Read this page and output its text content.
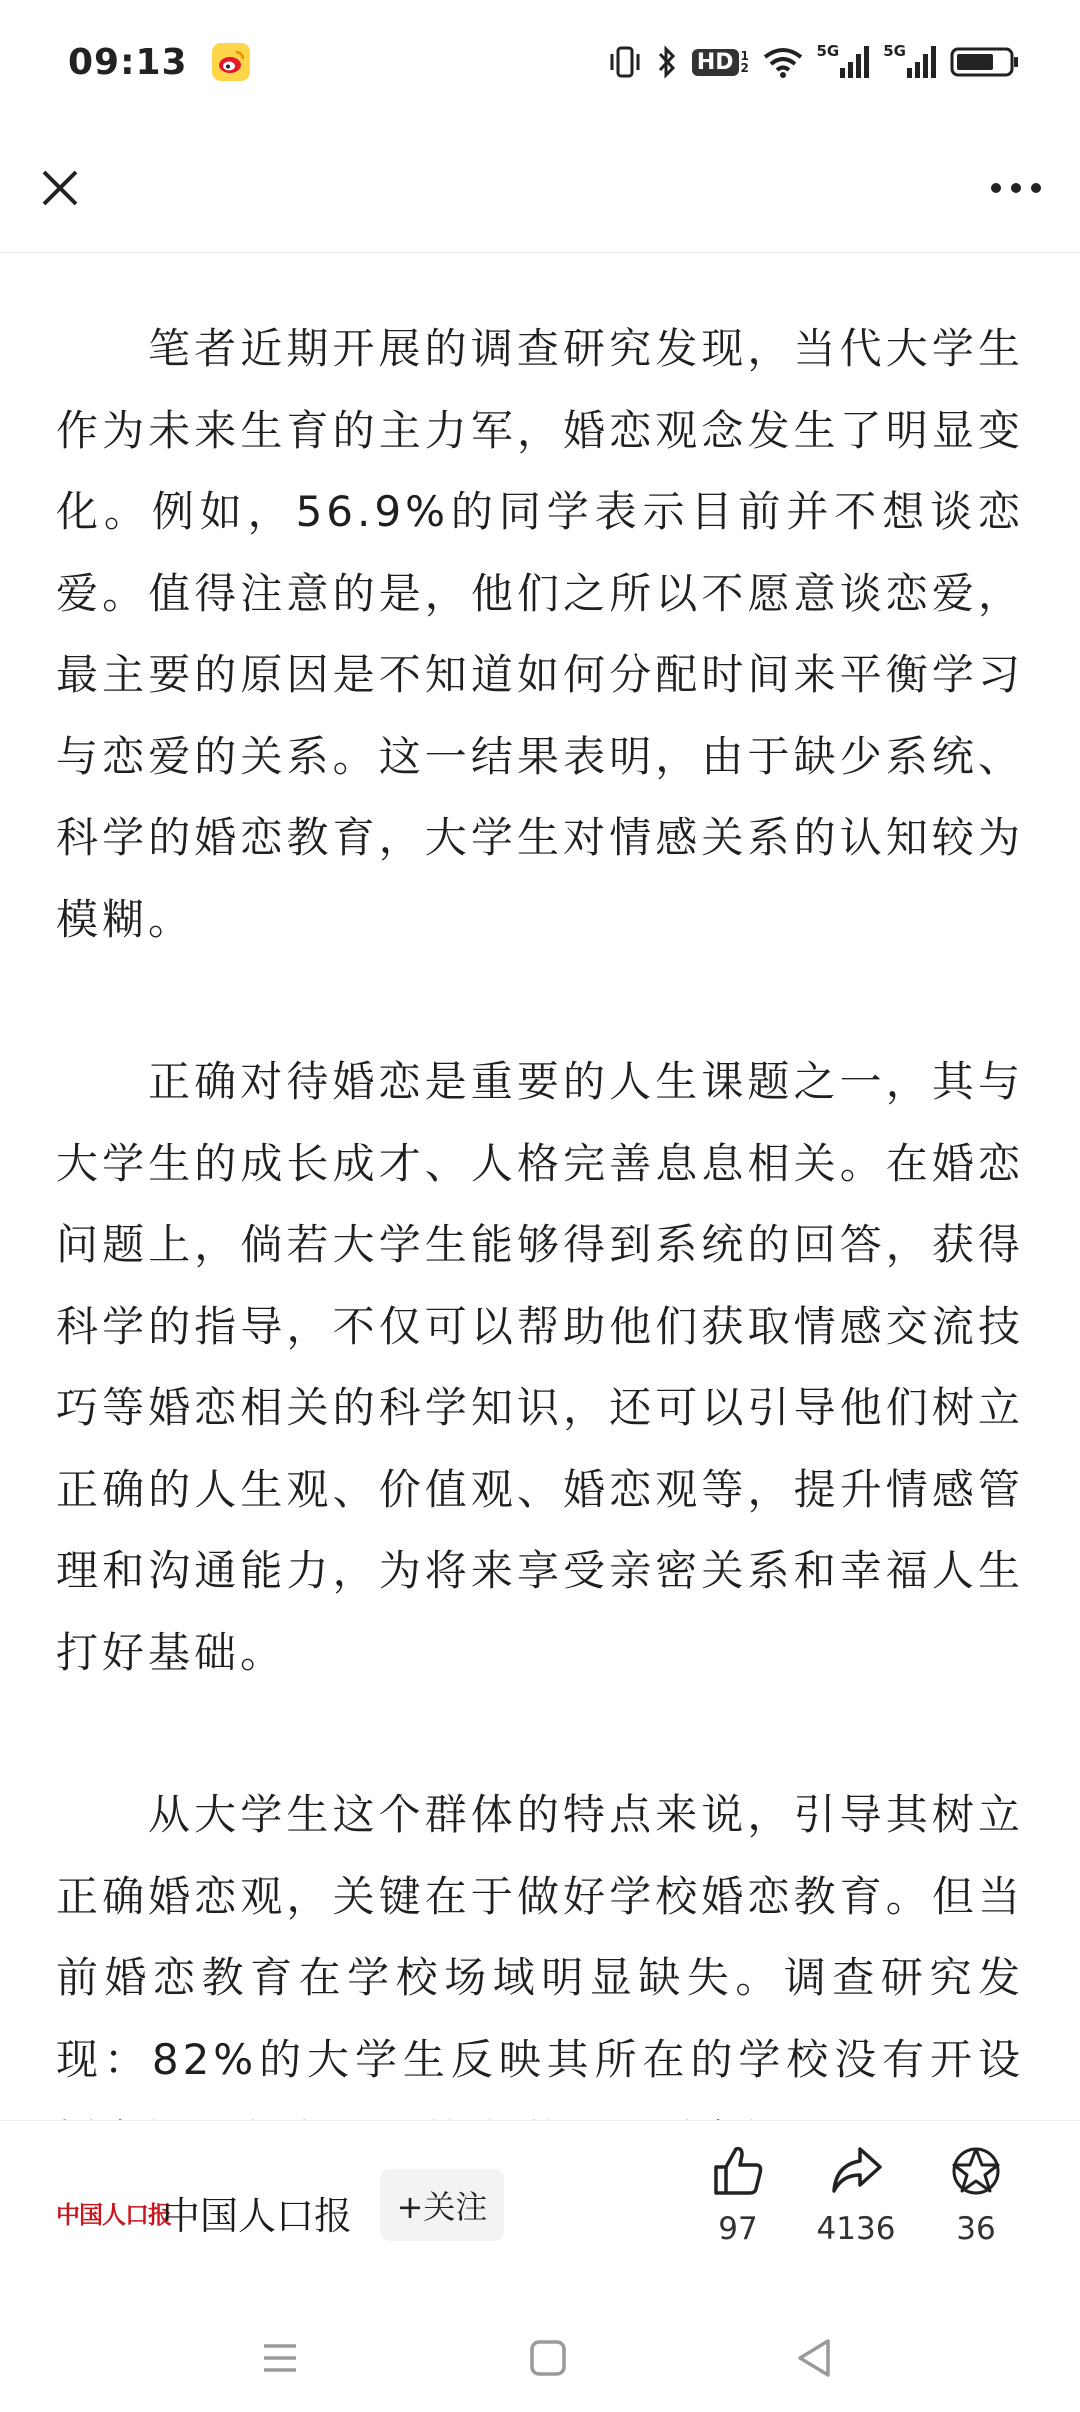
09:13	HD 1 2
5G	5G

笔者近期开展的调查研究发现，当代大学生作为未来生育的主力军，婚恋观念发生了明显变化。例如，56.9%的同学表示目前并不想谈恋爱。值得注意的是，他们之所以不愿意谈恋爱，最主要的原因是不知道如何分配时间来平衡学习与恋爱的关系。这一结果表明，由于缺少系统、科学的婚恋教育，大学生对情感关系的认知较为模糊。

正确对待婚恋是重要的人生课题之一，其与大学生的成长成才、人格完善息息相关。在婚恋问题上，倘若大学生能够得到系统的回答，获得科学的指导，不仅可以帮助他们获取情感交流技巧等婚恋相关的科学知识，还可以引导他们树立正确的人生观、价值观、婚恋观等，提升情感管理和沟通能力，为将来享受亲密关系和幸福人生打好基础。

从大学生这个群体的特点来说，引导其树立正确婚恋观，关键在于做好学校婚恋教育。但当前婚恋教育在学校场域明显缺失。调查研究发现：82%的大学生反映其所在的学校没有开设

中国人口报
中国人口报	+关注
97 4136 36
